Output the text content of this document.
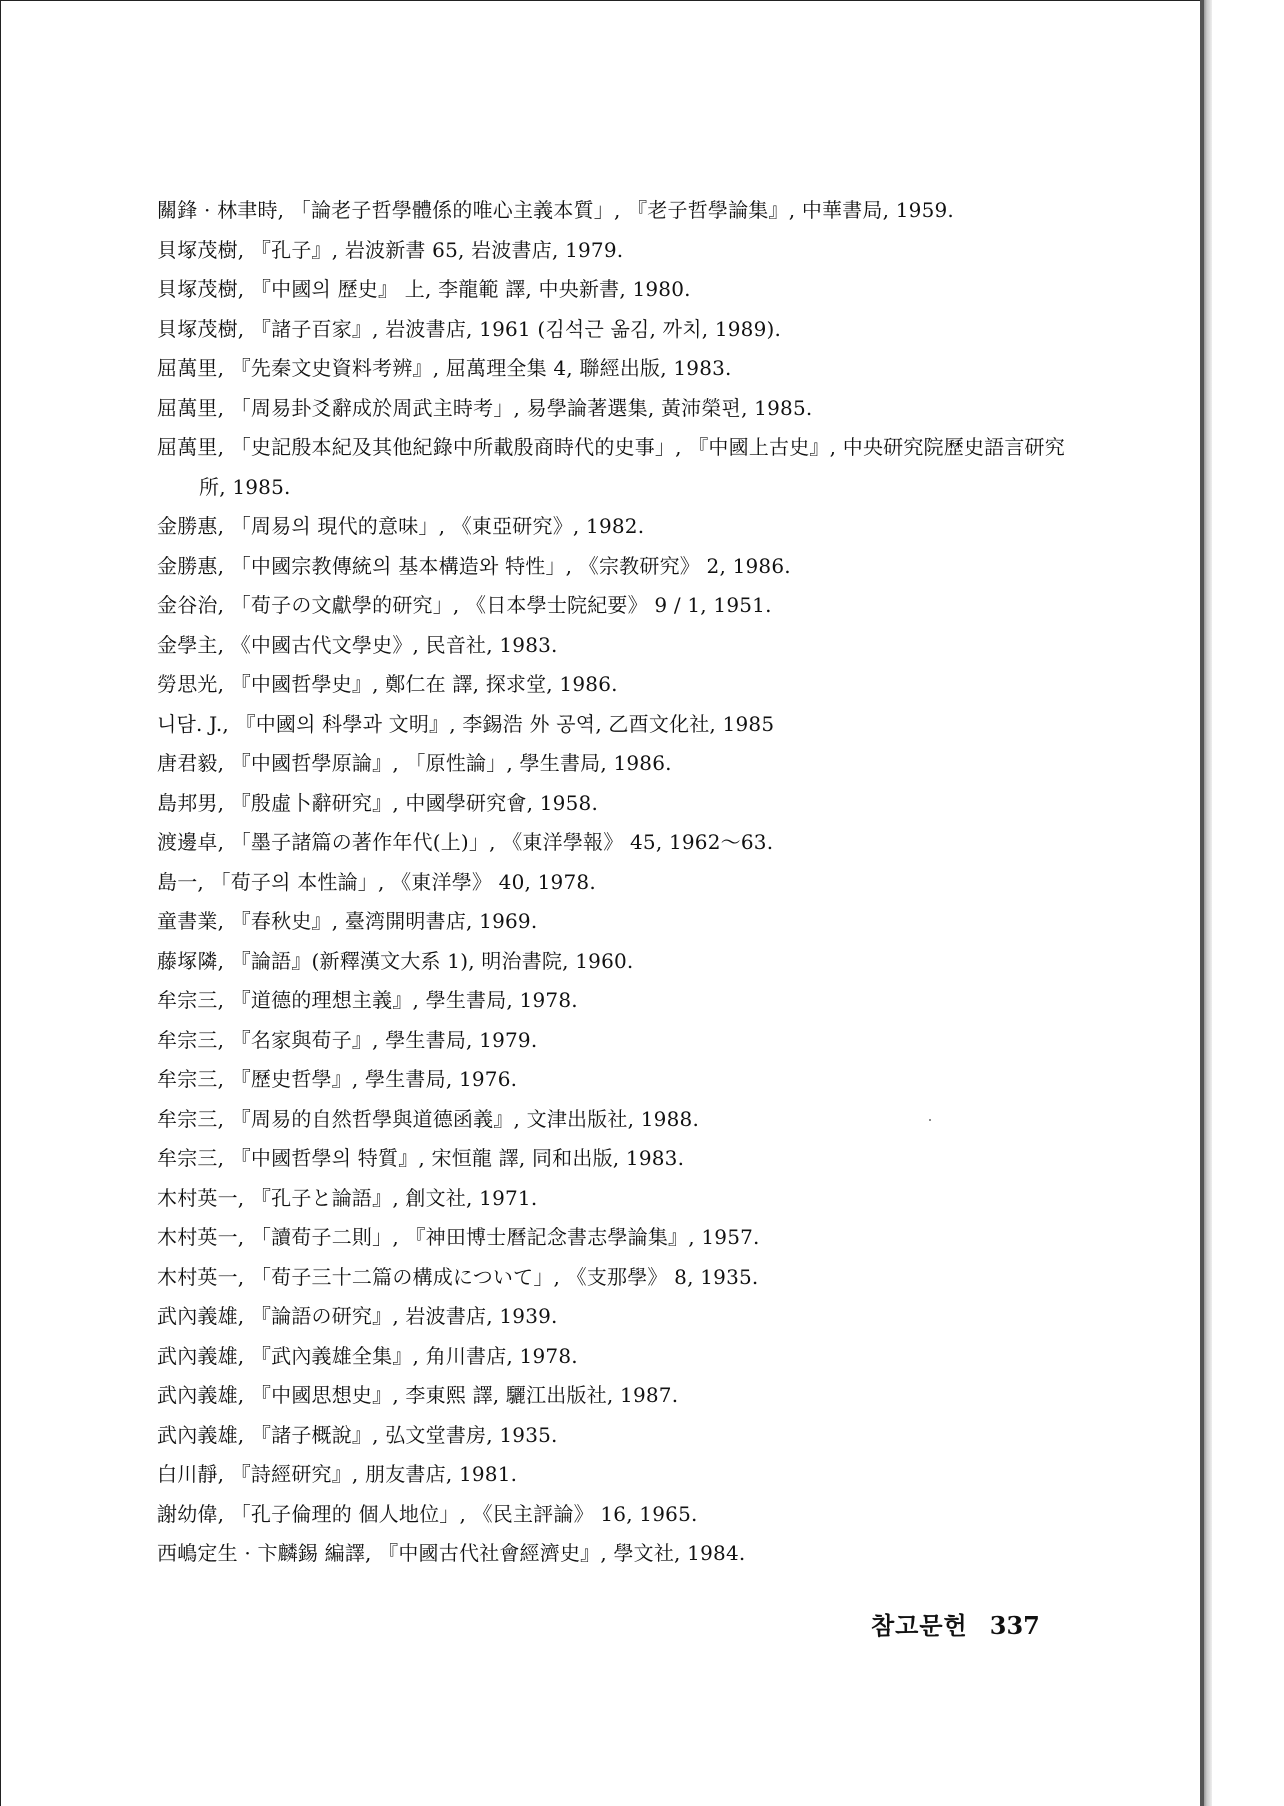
關鋒 · 林聿時, 「論老子哲學體係的唯心主義本質」, 『老子哲學論集』, 中華書局, 1959.
貝塚茂樹, 『孔子』, 岩波新書 65, 岩波書店, 1979.
貝塚茂樹, 『中國의 歷史』 上, 李龍範 譯, 中央新書, 1980.
貝塚茂樹, 『諸子百家』, 岩波書店, 1961 (김석근 옮김, 까치, 1989).
屈萬里, 『先秦文史資料考辨』, 屈萬理全集 4, 聯經出版, 1983.
屈萬里, 「周易卦爻辭成於周武主時考」, 易學論著選集, 黃沛榮편, 1985.
屈萬里, 「史記殷本紀及其他紀錄中所載殷商時代的史事」, 『中國上古史』, 中央研究院歷史語言研究所, 1985.
金勝惠, 「周易의 現代的意味」, 《東亞研究》, 1982.
金勝惠, 「中國宗教傳統의 基本構造와 特性」, 《宗教研究》 2, 1986.
金谷治, 「荀子の文獻學的研究」, 《日本學士院紀要》 9 / 1, 1951.
金學主, 《中國古代文學史》, 民音社, 1983.
勞思光, 『中國哲學史』, 鄭仁在 譯, 探求堂, 1986.
니담. J., 『中國의 科學과 文明』, 李錫浩 外 공역, 乙酉文化社, 1985
唐君毅, 『中國哲學原論』, 「原性論」, 學生書局, 1986.
島邦男, 『殷虛卜辭研究』, 中國學研究會, 1958.
渡邊卓, 「墨子諸篇の著作年代(上)」, 《東洋學報》 45, 1962～63.
島一, 「荀子의 本性論」, 《東洋學》 40, 1978.
童書業, 『春秋史』, 臺湾開明書店, 1969.
藤塚隣, 『論語』(新釋漢文大系 1), 明治書院, 1960.
牟宗三, 『道德的理想主義』, 學生書局, 1978.
牟宗三, 『名家與荀子』, 學生書局, 1979.
牟宗三, 『歷史哲學』, 學生書局, 1976.
牟宗三, 『周易的自然哲學與道德函義』, 文津出版社, 1988.
牟宗三, 『中國哲學의 特質』, 宋恒龍 譯, 同和出版, 1983.
木村英一, 『孔子と論語』, 創文社, 1971.
木村英一, 「讀荀子二則」, 『神田博士曆記念書志學論集』, 1957.
木村英一, 「荀子三十二篇の構成について」, 《支那學》 8, 1935.
武內義雄, 『論語の研究』, 岩波書店, 1939.
武內義雄, 『武內義雄全集』, 角川書店, 1978.
武內義雄, 『中國思想史』, 李東熙 譯, 驪江出版社, 1987.
武內義雄, 『諸子概說』, 弘文堂書房, 1935.
白川靜, 『詩經研究』, 朋友書店, 1981.
謝幼偉, 「孔子倫理的 個人地位」, 《民主評論》 16, 1965.
西嶋定生 · 卞麟錫 編譯, 『中國古代社會經濟史』, 學文社, 1984.
참고문헌 337
